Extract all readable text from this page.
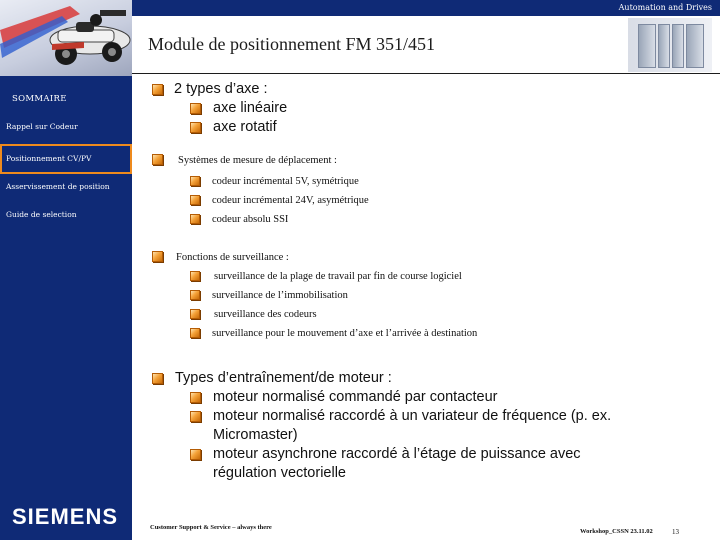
Automation and Drives
SOMMAIRE
Rappel sur Codeur
Positionnement CV/PV
Asservissement de position
Guide de selection
SIEMENS
Module de positionnement FM 351/451
2 types d’axe :
axe linéaire
axe rotatif
Systèmes de mesure de déplacement :
codeur incrémental 5V, symétrique
codeur incrémental 24V, asymétrique
codeur absolu SSI
Fonctions de surveillance :
surveillance de la plage de travail par fin de course logiciel
surveillance de l’immobilisation
surveillance des codeurs
surveillance pour le mouvement d’axe et l’arrivée à destination
Types d’entraînement/de moteur :
moteur normalisé commandé par contacteur
moteur normalisé raccordé à un variateur de fréquence (p. ex.
Micromaster)
moteur asynchrone raccordé à l’étage de puissance avec
régulation vectorielle
Customer Support & Service – always there
Workshop_CSSN 23.11.02	13
